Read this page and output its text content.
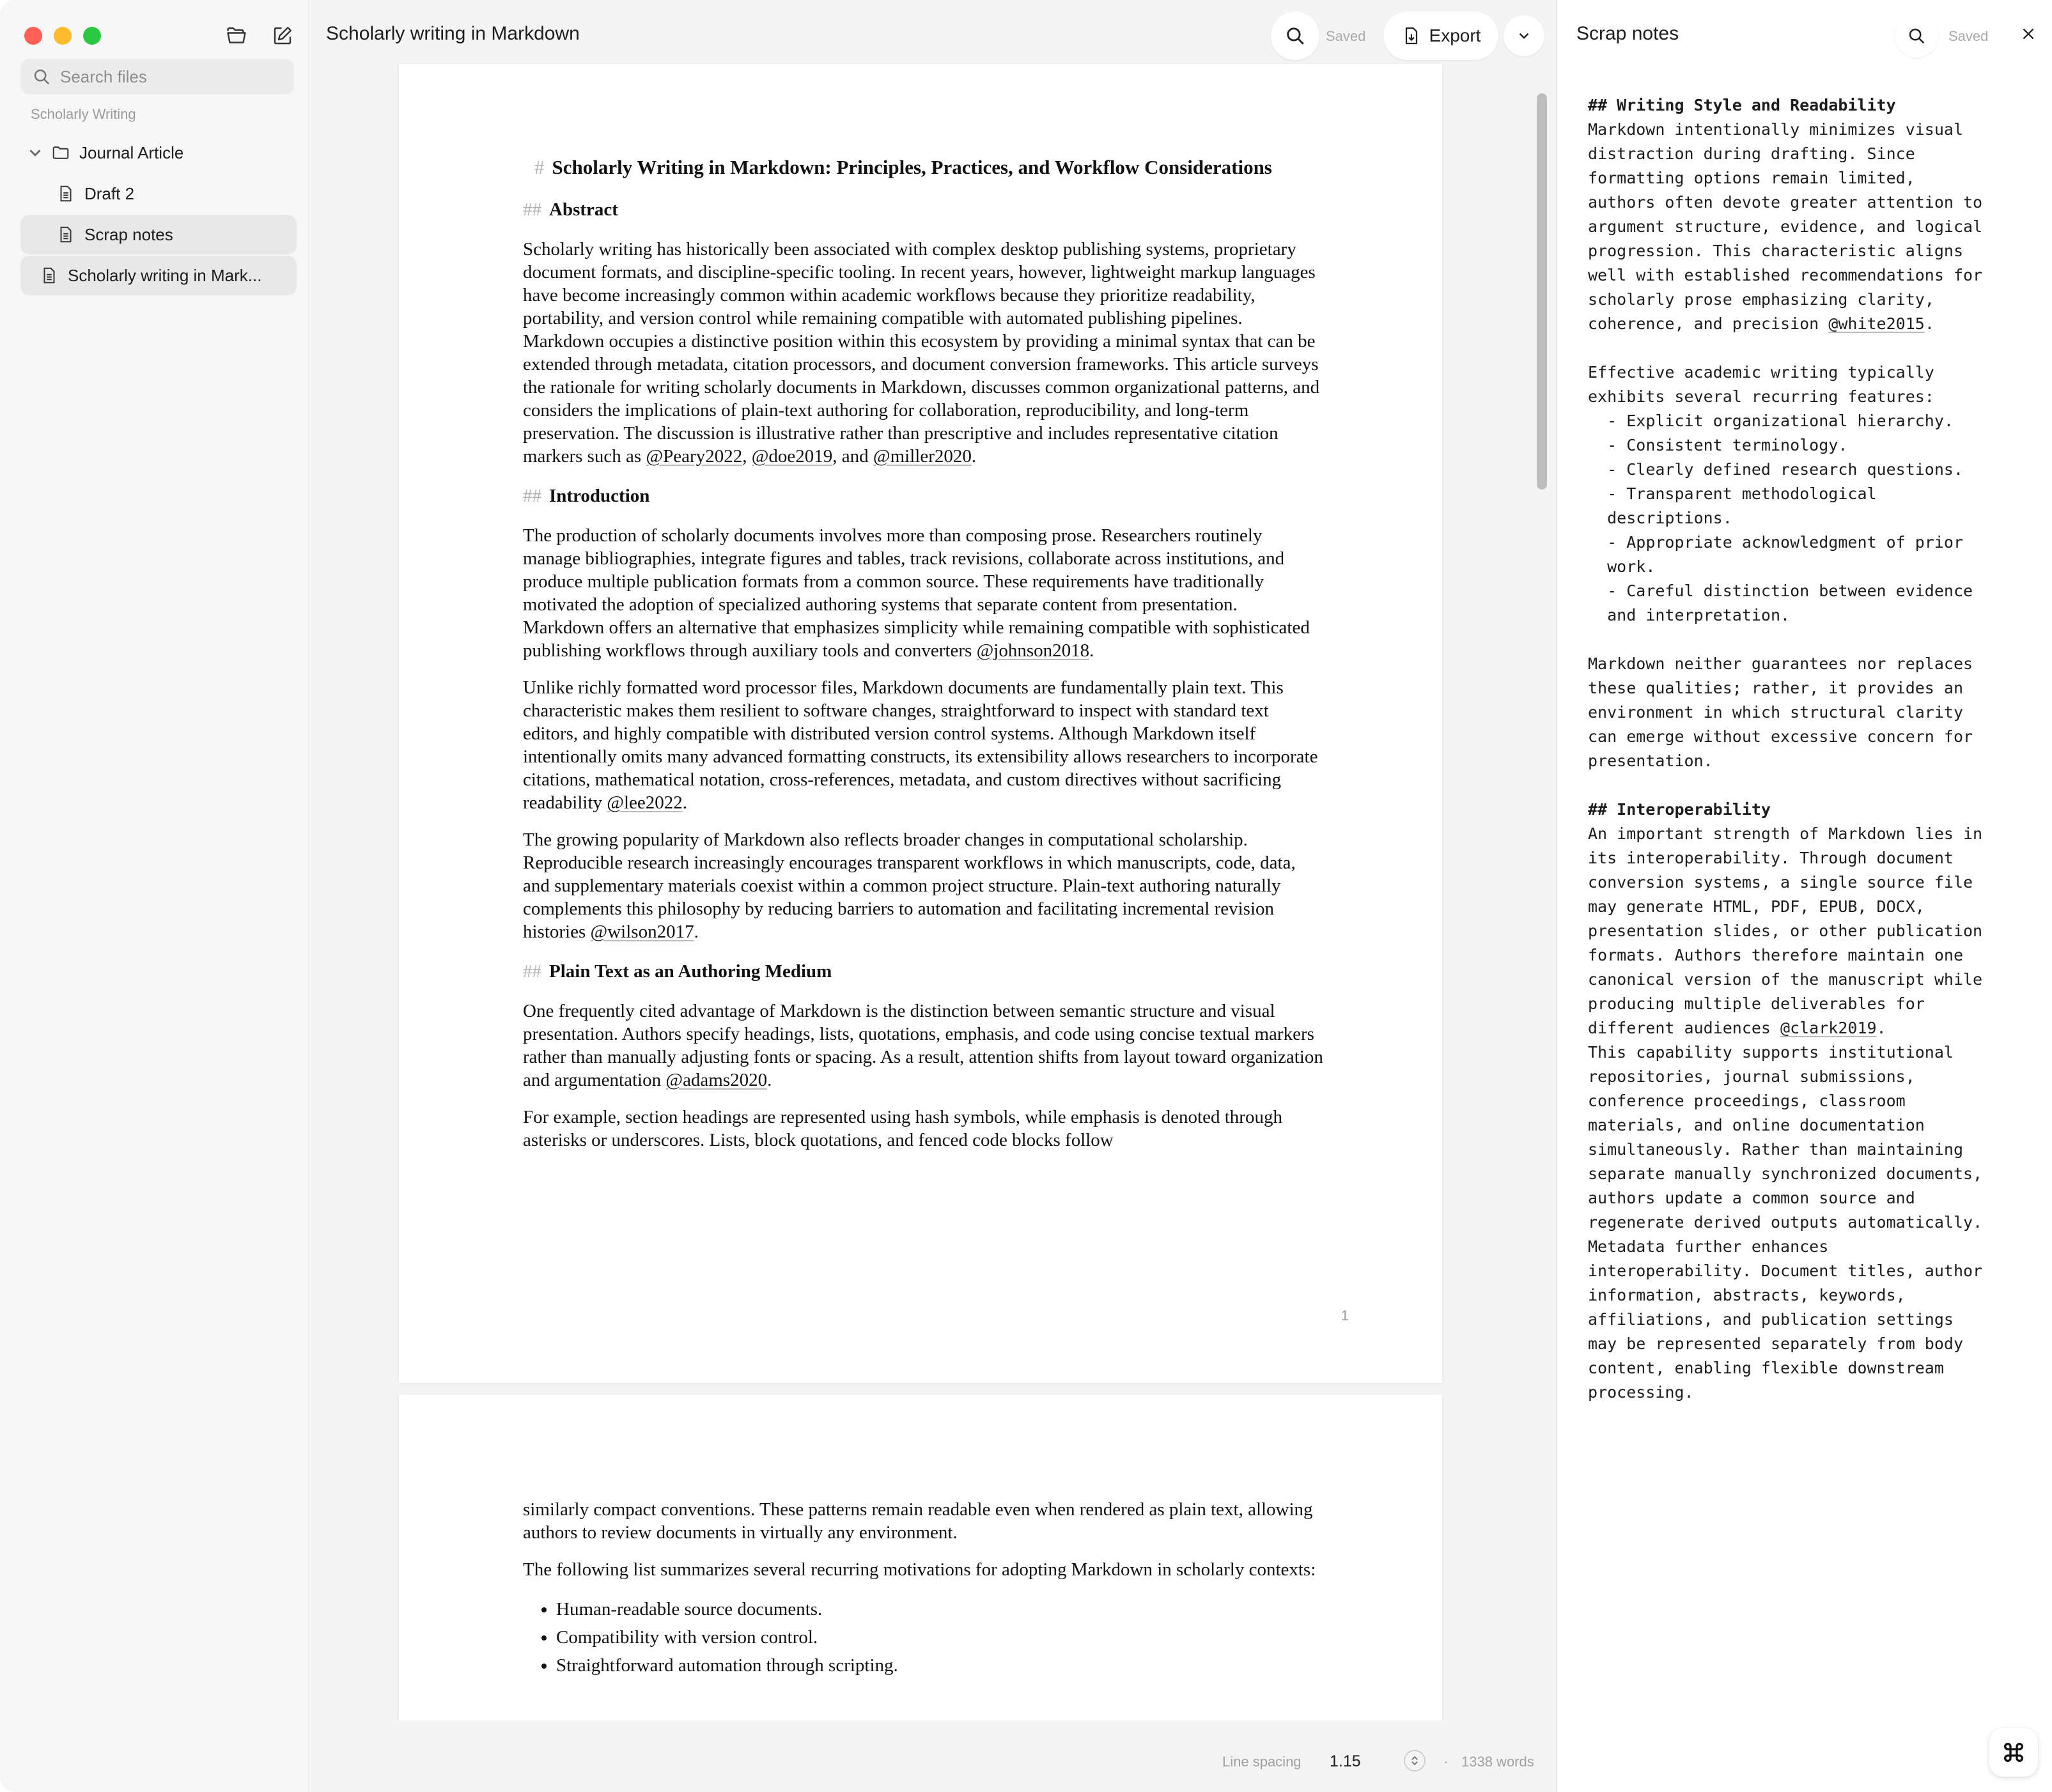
Search files
Scholarly Writing
Journal Article
Draft 2
Scrap notes
Scholarly writing in Mark...
Scholarly writing in Markdown	Saved	Export
# Scholarly Writing in Markdown: Principles, Practices, and Workflow Considerations
## Abstract

Scholarly writing has historically been associated with complex desktop publishing systems, proprietary document formats, and discipline-specific tooling. In recent years, however, lightweight markup languages have become increasingly common within academic workflows because they prioritize readability, portability, and version control while remaining compatible with automated publishing pipelines. Markdown occupies a distinctive position within this ecosystem by providing a minimal syntax that can be extended through metadata, citation processors, and document conversion frameworks. This article surveys the rationale for writing scholarly documents in Markdown, discusses common organizational patterns, and considers the implications of plain-text authoring for collaboration, reproducibility, and long-term preservation. The discussion is illustrative rather than prescriptive and includes representative citation markers such as @Peary2022, @doe2019, and @miller2020.

## Introduction

The production of scholarly documents involves more than composing prose. Researchers routinely manage bibliographies, integrate figures and tables, track revisions, collaborate across institutions, and produce multiple publication formats from a common source. These requirements have traditionally motivated the adoption of specialized authoring systems that separate content from presentation. Markdown offers an alternative that emphasizes simplicity while remaining compatible with sophisticated publishing workflows through auxiliary tools and converters @johnson2018.

Unlike richly formatted word processor files, Markdown documents are fundamentally plain text. This characteristic makes them resilient to software changes, straightforward to inspect with standard text editors, and highly compatible with distributed version control systems. Although Markdown itself intentionally omits many advanced formatting constructs, its extensibility allows researchers to incorporate citations, mathematical notation, cross-references, metadata, and custom directives without sacrificing readability @lee2022.

The growing popularity of Markdown also reflects broader changes in computational scholarship. Reproducible research increasingly encourages transparent workflows in which manuscripts, code, data, and supplementary materials coexist within a common project structure. Plain-text authoring naturally complements this philosophy by reducing barriers to automation and facilitating incremental revision histories @wilson2017.

## Plain Text as an Authoring Medium

One frequently cited advantage of Markdown is the distinction between semantic structure and visual presentation. Authors specify headings, lists, quotations, emphasis, and code using concise textual markers rather than manually adjusting fonts or spacing. As a result, attention shifts from layout toward organization and argumentation @adams2020.

For example, section headings are represented using hash symbols, while emphasis is denoted through asterisks or underscores. Lists, block quotations, and fenced code blocks follow

1

similarly compact conventions. These patterns remain readable even when rendered as plain text, allowing authors to review documents in virtually any environment.

The following list summarizes several recurring motivations for adopting Markdown in scholarly contexts:

• Human-readable source documents.
• Compatibility with version control.
• Straightforward automation through scripting.
Line spacing 1.15	· 1338 words
Scrap notes	Saved
## Writing Style and Readability
Markdown intentionally minimizes visual
distraction during drafting. Since
formatting options remain limited,
authors often devote greater attention to
argument structure, evidence, and logical
progression. This characteristic aligns
well with established recommendations for
scholarly prose emphasizing clarity,
coherence, and precision @white2015.
Effective academic writing typically
exhibits several recurring features:
- Explicit organizational hierarchy.
- Consistent terminology.
- Clearly defined research questions.
- Transparent methodological
descriptions.
- Appropriate acknowledgment of prior
work.
- Careful distinction between evidence
and interpretation.
Markdown neither guarantees nor replaces
these qualities; rather, it provides an
environment in which structural clarity
can emerge without excessive concern for
presentation.
## Interoperability
An important strength of Markdown lies in
its interoperability. Through document
conversion systems, a single source file
may generate HTML, PDF, EPUB, DOCX,
presentation slides, or other publication
formats. Authors therefore maintain one
canonical version of the manuscript while
producing multiple deliverables for
different audiences @clark2019.
This capability supports institutional
repositories, journal submissions,
conference proceedings, classroom
materials, and online documentation
simultaneously. Rather than maintaining
separate manually synchronized documents,
authors update a common source and
regenerate derived outputs automatically.
Metadata further enhances
interoperability. Document titles, author
information, abstracts, keywords,
affiliations, and publication settings
may be represented separately from body
content, enabling flexible downstream
processing.
